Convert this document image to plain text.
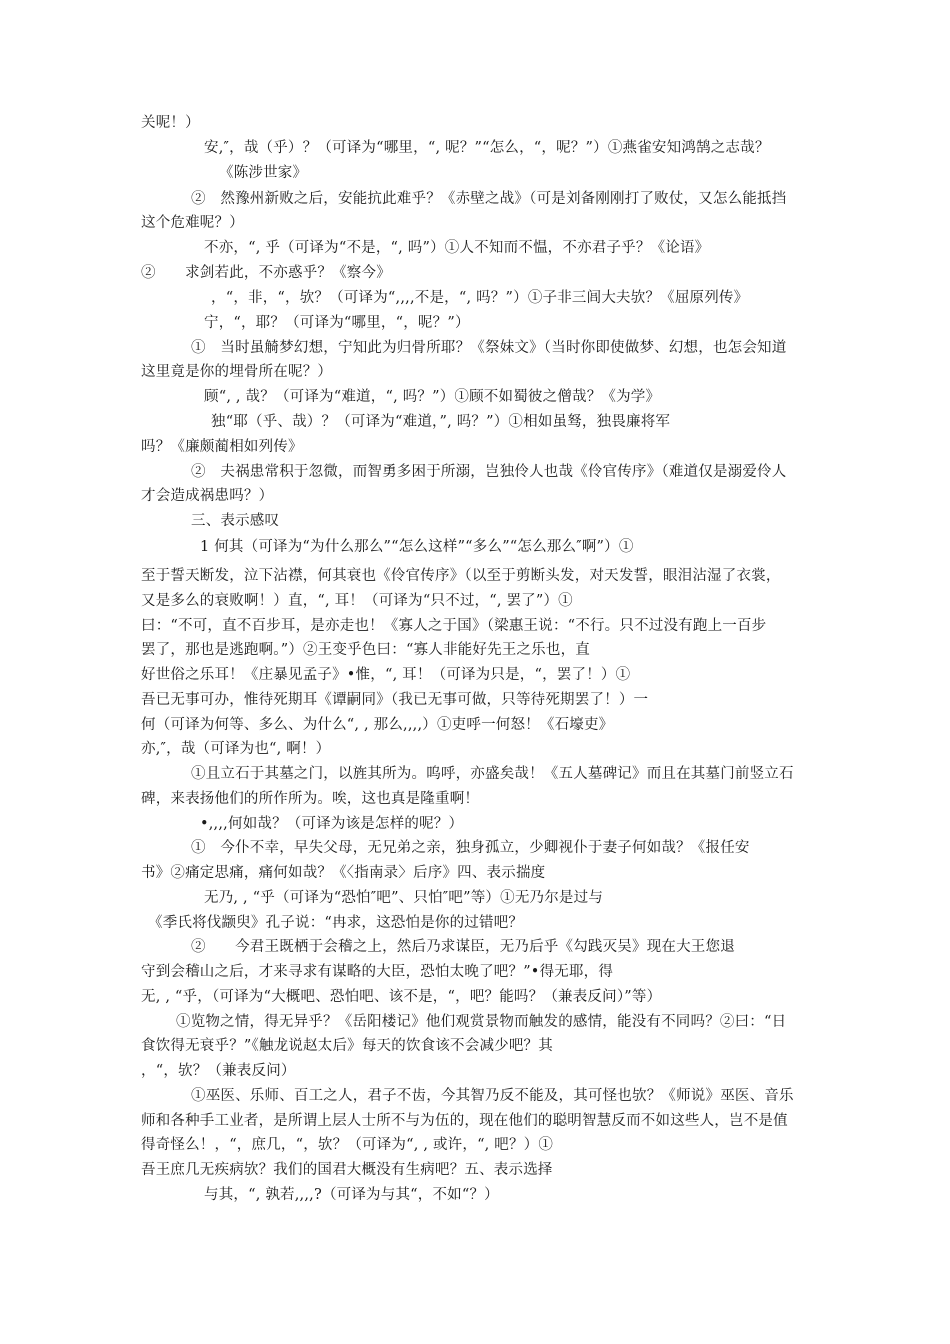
关呢！）
安,″，哉（乎）？（可译为“哪里，“, 呢？”“怎么，“，呢？”）①燕雀安知鸿鹄之志哉？
《陈涉世家》
②　然豫州新败之后，安能抗此难乎？《赤壁之战》（可是刘备刚刚打了败仗，又怎么能抵挡
这个危难呢？）
不亦，“, 乎（可译为“不是，“, 吗”）①人不知而不愠，不亦君子乎？《论语》
②　　求剑若此，不亦惑乎？《察今》
，“，非，“，欤？（可译为“,,,,不是，“, 吗？”）①子非三闾大夫欤？《屈原列传》
宁，“，耶？（可译为“哪里，“，呢？”）
①　当时虽觭梦幻想，宁知此为归骨所耶？《祭妹文》（当时你即使做梦、幻想，也怎会知道
这里竟是你的埋骨所在呢？）
顾“, , 哉？（可译为“难道，“, 吗？”）①顾不如蜀彼之僧哉？《为学》
独“耶（乎、哉）？（可译为“难道，”, 吗？”）①相如虽驽，独畏廉将军
吗？《廉颇蔺相如列传》
②　夫祸患常积于忽微，而智勇多困于所溺，岂独伶人也哉《伶官传序》（难道仅是溺爱伶人
才会造成祸患吗？）
三、表示感叹
1 何其（可译为“为什么那么”“怎么这样”“多么”“怎么那么″啊”）①
至于誓天断发，泣下沾襟，何其衰也《伶官传序》（以至于剪断头发，对天发誓，眼泪沾湿了衣裳，
又是多么的衰败啊！）直，“, 耳！（可译为“只不过，“, 罢了”）①
曰：“不可，直不百步耳，是亦走也！《寡人之于国》（梁惠王说：“不行。只不过没有跑上一百步
罢了，那也是逃跑啊。”）②王变乎色曰：“寡人非能好先王之乐也，直
好世俗之乐耳！《庄暴见孟子》•惟，“, 耳！（可译为只是，“，罢了！）①
吾已无事可办，惟待死期耳《谭嗣同》（我已无事可做，只等待死期罢了！）一
何（可译为何等、多么、为什么“, , 那么,,,,）①吏呼一何怒！《石壕吏》
亦,″，哉（可译为也“, 啊！）
①且立石于其墓之门，以旌其所为。呜呼，亦盛矣哉！《五人墓碑记》而且在其墓门前竖立石
碑，来表扬他们的所作所为。唉，这也真是隆重啊！
•,,,,何如哉？（可译为该是怎样的呢？）
①　今仆不幸，早失父母，无兄弟之亲，独身孤立，少卿视仆于妻子何如哉？《报任安
书》②痛定思痛，痛何如哉？《〈指南录〉后序》四、表示揣度
无乃, , “乎（可译为“恐怕″吧”、只怕″吧”等）①无乃尔是过与
《季氏将伐颛臾》孔子说：“冉求，这恐怕是你的过错吧？
②　　今君王既栖于会稽之上，然后乃求谋臣，无乃后乎《勾践灭吴》现在大王您退
守到会稽山之后，才来寻求有谋略的大臣，恐怕太晚了吧？”•得无耶，得
无, , “乎，（可译为“大概吧、恐怕吧、该不是，“，吧？能吗？（兼表反问）”等）
①览物之情，得无异乎？《岳阳楼记》他们观赏景物而触发的感情，能没有不同吗？②曰：“日
食饮得无衰乎？”《触龙说赵太后》每天的饮食该不会减少吧？其
，“，欤？（兼表反问）
①巫医、乐师、百工之人，君子不齿，今其智乃反不能及，其可怪也欤？《师说》巫医、音乐
师和各种手工业者，是所谓上层人士所不与为伍的，现在他们的聪明智慧反而不如这些人，岂不是值
得奇怪么！，“，庶几，“，欤？（可译为“, , 或许，“, 吧？）①
吾王庶几无疾病欤？我们的国君大概没有生病吧？五、表示选择
与其，“, 孰若,,,,?（可译为与其“，不如“？）
